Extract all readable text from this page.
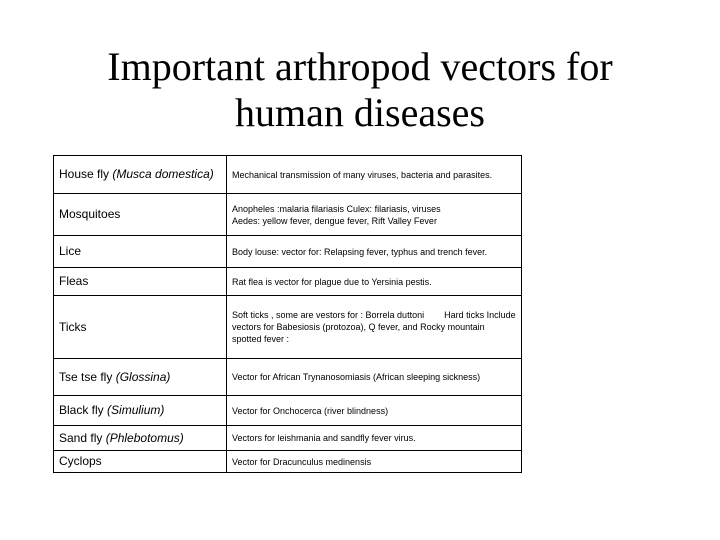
Important arthropod vectors for
human diseases
House fly (Musca domestica)	Mechanical transmission of many viruses, bacteria and parasites.
Mosquitoes	Anopheles :malaria filariasis Culex: filariasis, viruses
Aedes: yellow fever, dengue fever, Rift Valley Fever
Lice	Body louse: vector for: Relapsing fever, typhus and trench fever.
Fleas	Rat flea is vector for plague due to Yersinia pestis.
Ticks	Soft ticks , some are vestors for : Borrela duttoni        Hard ticks Include vectors for Babesiosis (protozoa), Q fever, and Rocky mountain spotted fever :
Tse tse fly (Glossina)	Vector for African Trynanosomiasis (African sleeping sickness)
Black fly (Simulium)	Vector for Onchocerca (river blindness)
Sand fly (Phlebotomus)	Vectors for leishmania and sandfly fever virus.
Cyclops	Vector for Dracunculus medinensis
